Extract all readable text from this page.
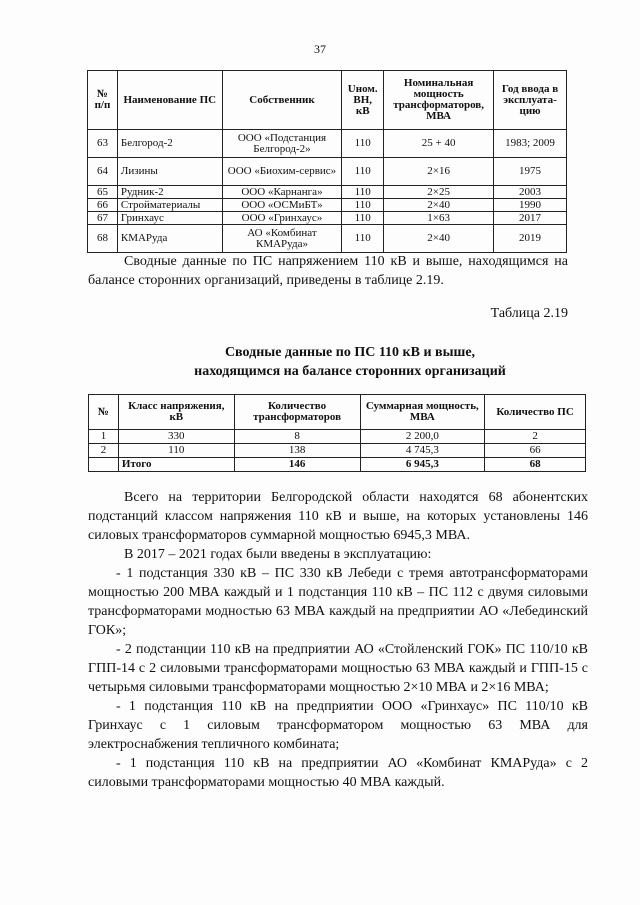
37
№ п/п	Наименование ПС	Собственник	Uном. ВН, кВ	Номинальная мощность трансформаторов, МВА	Год ввода в эксплуата-цию
63	Белгород-2	ООО «Подстанция Белгород-2»	110	25 + 40	1983; 2009
64	Лизины	ООО «Биохим-сервис»	110	2×16	1975
65	Рудник-2	ООО «Карнанга»	110	2×25	2003
66	Стройматериалы	ООО «ОСМиБТ»	110	2×40	1990
67	Гринхаус	ООО «Гринхаус»	110	1×63	2017
68	КМАРуда	АО «Комбинат КМАРуда»	110	2×40	2019
Сводные данные по ПС напряжением 110 кВ и выше, находящимся на балансе сторонних организаций, приведены в таблице 2.19.
Таблица 2.19
Сводные данные по ПС 110 кВ и выше,
находящимся на балансе сторонних организаций
№	Класс напряжения, кВ	Количество трансформаторов	Суммарная мощность, МВА	Количество ПС
1	330	8	2 200,0	2
2	110	138	4 745,3	66
	Итого	146	6 945,3	68

Всего на территории Белгородской области находятся 68 абонентских подстанций классом напряжения 110 кВ и выше, на которых установлены 146 силовых трансформаторов суммарной мощностью 6945,3 МВА.

В 2017 – 2021 годах были введены в эксплуатацию:

- 1 подстанция 330 кВ – ПС 330 кВ Лебеди с тремя автотрансформаторами мощностью 200 МВА каждый и 1 подстанция 110 кВ – ПС 112 с двумя силовыми трансформаторами модностью 63 МВА каждый на предприятии АО «Лебединский ГОК»;

- 2 подстанции 110 кВ на предприятии АО «Стойленский ГОК» ПС 110/10 кВ ГПП-14 с 2 силовыми трансформаторами мощностью 63 МВА каждый и ГПП-15 с четырьмя силовыми трансформаторами мощностью 2×10 МВА и 2×16 МВА;

- 1 подстанция 110 кВ на предприятии ООО «Гринхаус» ПС 110/10 кВ Гринхаус с 1 силовым трансформатором мощностью 63 МВА для электроснабжения тепличного комбината;

- 1 подстанция 110 кВ на предприятии АО «Комбинат КМАРуда» с 2 силовыми трансформаторами мощностью 40 МВА каждый.
